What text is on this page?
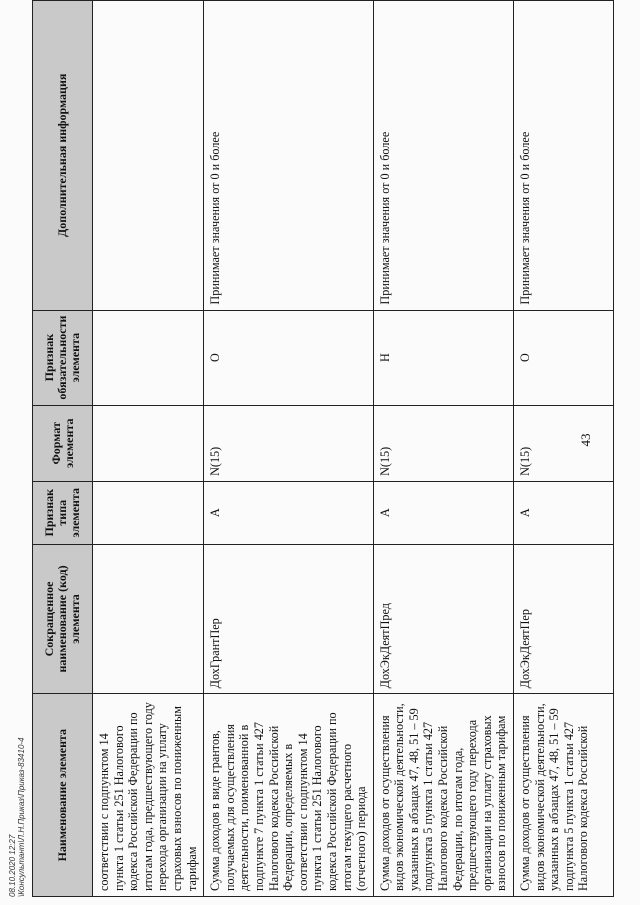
43
Наименование элемента	Сокращенное наименование (код) элемента	Признак типа элемента	Формат элемента	Признак обязательности элемента	Дополнительная информация
соответствии с подпунктом 14 пункта 1 статьи 251 Налогового кодекса Российской Федерации по итогам года, предшествующего году перехода организации на уплату страховых взносов по пониженным тарифам					
Сумма доходов в виде грантов, получаемых для осуществления деятельности, поименованной в подпункте 7 пункта 1 статьи 427 Налогового кодекса Российской Федерации, определяемых в соответствии с подпунктом 14 пункта 1 статьи 251 Налогового кодекса Российской Федерации по итогам текущего расчетного (отчетного) периода	ДохГрантПер	А	N(15)	О	Принимает значения от 0 и более
Сумма доходов от осуществления видов экономической деятельности, указанных в абзацах 47, 48, 51 – 59 подпункта 5 пункта 1 статьи 427 Налогового кодекса Российской Федерации, по итогам года, предшествующего году перехода организации на уплату страховых взносов по пониженным тарифам	ДохЭкДеятПред	А	N(15)	Н	Принимает значения от 0 и более
Сумма доходов от осуществления видов экономической деятельности, указанных в абзацах 47, 48, 51 – 59 подпункта 5 пункта 1 статьи 427 Налогового кодекса Российской	ДохЭкДеятПер	А	N(15)	О	Принимает значения от 0 и более
08.10.2020 12:27 \Консультант\Л.Н.Приказ\Приказ-83410-4
